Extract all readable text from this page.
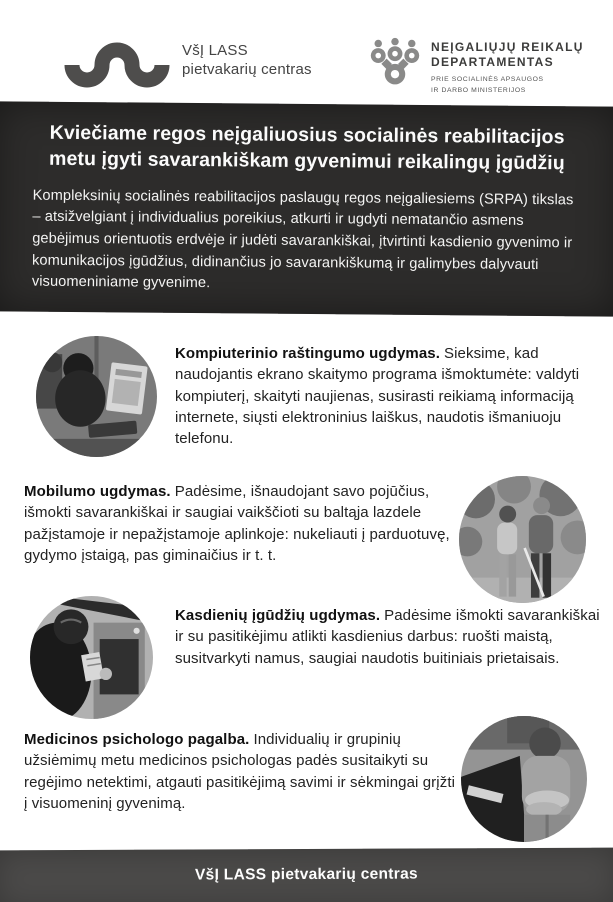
VšĮ LASS
pietvakarių centras
NEĮGALIŲJŲ REIKALŲ
DEPARTAMENTAS
PRIE SOCIALINĖS APSAUGOS
IR DARBO MINISTERIJOS
Kviečiame regos neįgaliuosius socialinės reabilitacijos metu įgyti savarankiškam gyvenimui reikalingų įgūdžių
Kompleksinių socialinės reabilitacijos paslaugų regos neįgaliesiems (SRPA) tikslas – atsižvelgiant į individualius poreikius, atkurti ir ugdyti nematančio asmens gebėjimus orientuotis erdvėje ir judėti savarankiškai, įtvirtinti kasdienio gyvenimo ir komunikacijos įgūdžius, didinančius jo savarankiškumą ir galimybes dalyvauti visuomeniniame gyvenime.
Kompiuterinio raštingumo ugdymas. Sieksime, kad naudojantis ekrano skaitymo programa išmoktumėte: valdyti kompiuterį, skaityti naujienas, susirasti reikiamą informaciją internete, siųsti elektroninius laiškus, naudotis išmaniuoju telefonu.
Mobilumo ugdymas. Padėsime, išnaudojant savo pojūčius, išmokti savarankiškai ir saugiai vaikščioti su baltąja lazdele pažįstamoje ir nepažįstamoje aplinkoje: nukeliauti į parduotuvę, gydymo įstaigą, pas giminaičius ir t. t.
Kasdienių įgūdžių ugdymas. Padėsime išmokti savarankiškai ir su pasitikėjimu atlikti kasdienius darbus: ruošti maistą, susitvarkyti namus, saugiai naudotis buitiniais prietaisais.
Medicinos psichologo pagalba. Individualių ir grupinių užsiėmimų metu medicinos psichologas padės susitaikyti su regėjimo netektimi, atgauti pasitikėjimą savimi ir sėkmingai grįžti į visuomeninį gyvenimą.
VšĮ LASS pietvakarių centras
